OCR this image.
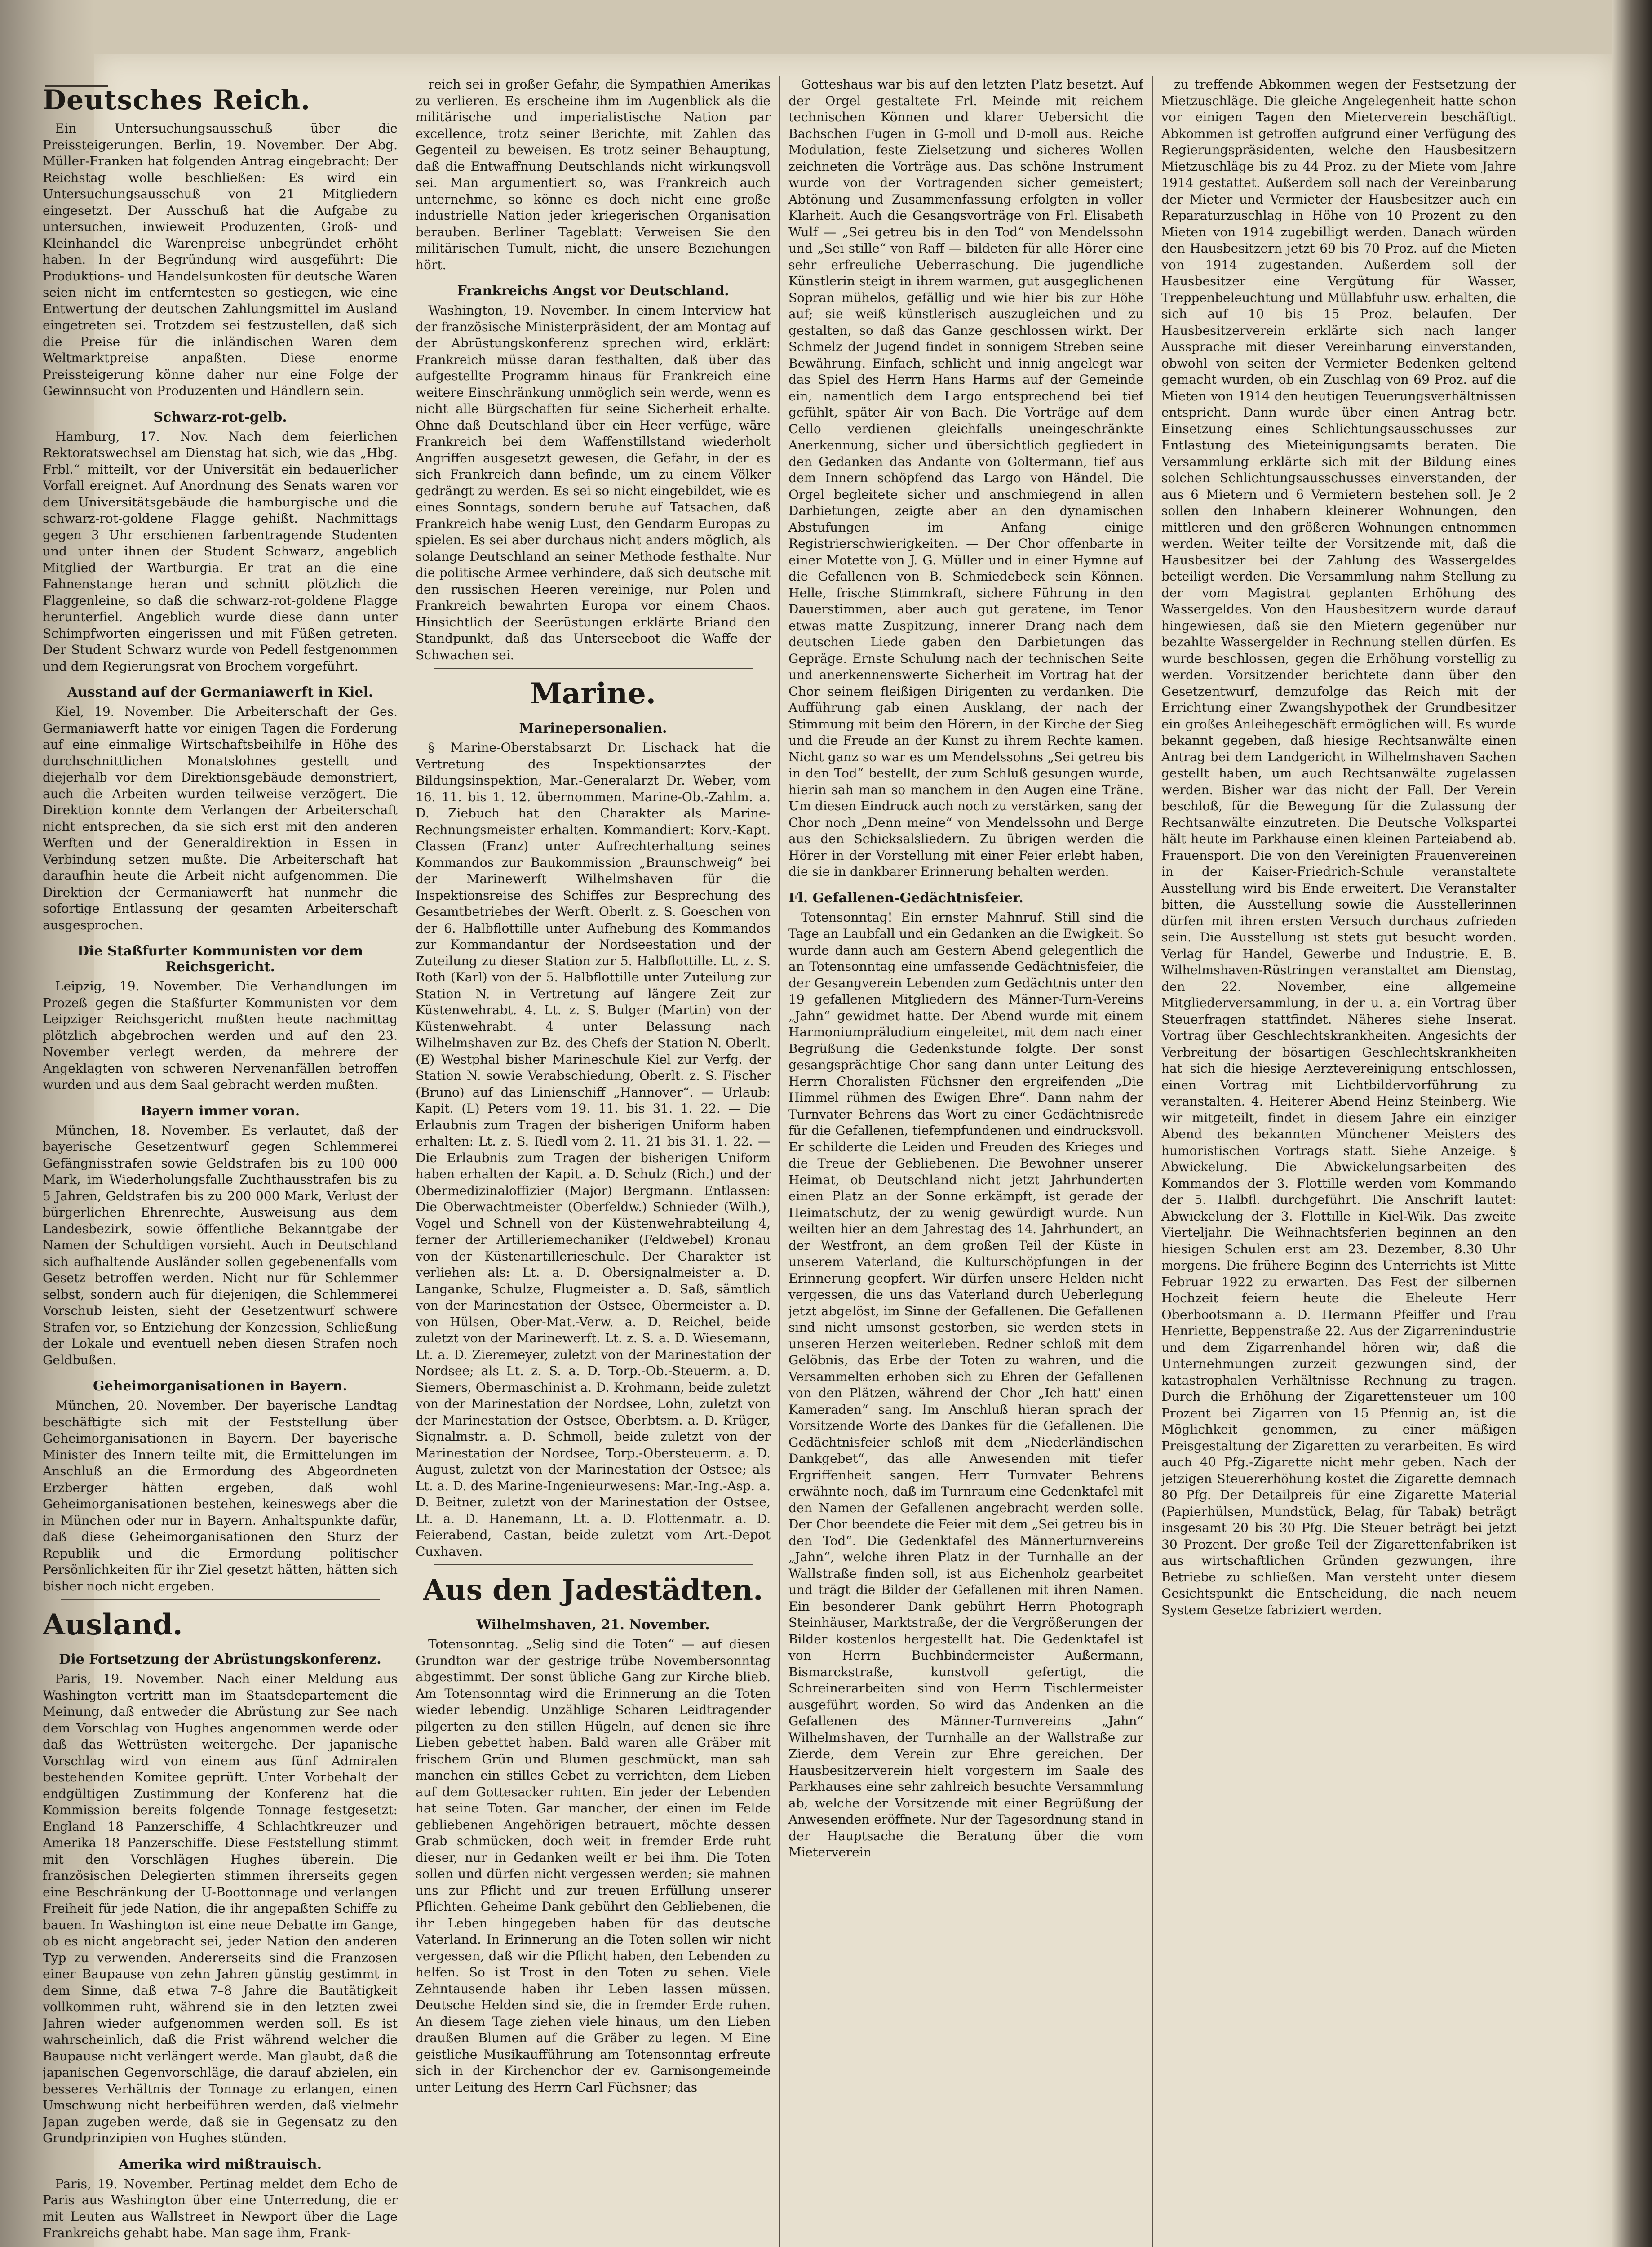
Deutsches Reich.

Ein Untersuchungsausschuß über die Preissteigerungen. Berlin, 19. November. Der Abg. Müller-Franken hat folgenden Antrag eingebracht: Der Reichstag wolle beschließen: Es wird ein Untersuchungsausschuß von 21 Mitgliedern eingesetzt. Der Ausschuß hat die Aufgabe zu untersuchen, inwieweit Produzenten, Groß- und Kleinhandel die Warenpreise unbegründet erhöht haben. In der Begründung wird ausgeführt: Die Produktions- und Handelsunkosten für deutsche Waren seien nicht im entferntesten so gestiegen, wie eine Entwertung der deutschen Zahlungsmittel im Ausland eingetreten sei. Trotzdem sei festzustellen, daß sich die Preise für die inländischen Waren dem Weltmarktpreise anpaßten. Diese enorme Preissteigerung könne daher nur eine Folge der Gewinnsucht von Produzenten und Händlern sein.

Schwarz-rot-gelb.

Hamburg, 17. Nov. Nach dem feierlichen Rektoratswechsel am Dienstag hat sich, wie das „Hbg. Frbl.“ mitteilt, vor der Universität ein bedauerlicher Vorfall ereignet. Auf Anordnung des Senats waren vor dem Universitätsgebäude die hamburgische und die schwarz-rot-goldene Flagge gehißt. Nachmittags gegen 3 Uhr erschienen farbentragende Studenten und unter ihnen der Student Schwarz, angeblich Mitglied der Wartburgia. Er trat an die eine Fahnenstange heran und schnitt plötzlich die Flaggenleine, so daß die schwarz-rot-goldene Flagge herunterfiel. Angeblich wurde diese dann unter Schimpfworten eingerissen und mit Füßen getreten. Der Student Schwarz wurde von Pedell festgenommen und dem Regierungsrat von Brochem vorgeführt.

Ausstand auf der Germaniawerft in Kiel.

Kiel, 19. November. Die Arbeiterschaft der Ges. Germaniawerft hatte vor einigen Tagen die Forderung auf eine einmalige Wirtschaftsbeihilfe in Höhe des durchschnittlichen Monatslohnes gestellt und diejerhalb vor dem Direktionsgebäude demonstriert, auch die Arbeiten wurden teilweise verzögert. Die Direktion konnte dem Verlangen der Arbeiterschaft nicht entsprechen, da sie sich erst mit den anderen Werften und der Generaldirektion in Essen in Verbindung setzen mußte. Die Arbeiterschaft hat daraufhin heute die Arbeit nicht aufgenommen. Die Direktion der Germaniawerft hat nunmehr die sofortige Entlassung der gesamten Arbeiterschaft ausgesprochen.

Die Staßfurter Kommunisten vor dem Reichsgericht.

Leipzig, 19. November. Die Verhandlungen im Prozeß gegen die Staßfurter Kommunisten vor dem Leipziger Reichsgericht mußten heute nachmittag plötzlich abgebrochen werden und auf den 23. November verlegt werden, da mehrere der Angeklagten von schweren Nervenanfällen betroffen wurden und aus dem Saal gebracht werden mußten.

Bayern immer voran.

München, 18. November. Es verlautet, daß der bayerische Gesetzentwurf gegen Schlemmerei Gefängnisstrafen sowie Geldstrafen bis zu 100 000 Mark, im Wiederholungsfalle Zuchthausstrafen bis zu 5 Jahren, Geldstrafen bis zu 200 000 Mark, Verlust der bürgerlichen Ehrenrechte, Ausweisung aus dem Landesbezirk, sowie öffentliche Bekanntgabe der Namen der Schuldigen vorsieht. Auch in Deutschland sich aufhaltende Ausländer sollen gegebenenfalls vom Gesetz betroffen werden. Nicht nur für Schlemmer selbst, sondern auch für diejenigen, die Schlemmerei Vorschub leisten, sieht der Gesetzentwurf schwere Strafen vor, so Entziehung der Konzession, Schließung der Lokale und eventuell neben diesen Strafen noch Geldbußen.

Geheimorganisationen in Bayern.

München, 20. November. Der bayerische Landtag beschäftigte sich mit der Feststellung über Geheimorganisationen in Bayern. Der bayerische Minister des Innern teilte mit, die Ermittelungen im Anschluß an die Ermordung des Abgeordneten Erzberger hätten ergeben, daß wohl Geheimorganisationen bestehen, keineswegs aber die in München oder nur in Bayern. Anhaltspunkte dafür, daß diese Geheimorganisationen den Sturz der Republik und die Ermordung politischer Persönlichkeiten für ihr Ziel gesetzt hätten, hätten sich bisher noch nicht ergeben.

Ausland.
Die Fortsetzung der Abrüstungskonferenz.

Paris, 19. November. Nach einer Meldung aus Washington vertritt man im Staatsdepartement die Meinung, daß entweder die Abrüstung zur See nach dem Vorschlag von Hughes angenommen werde oder daß das Wettrüsten weitergehe. Der japanische Vorschlag wird von einem aus fünf Admiralen bestehenden Komitee geprüft. Unter Vorbehalt der endgültigen Zustimmung der Konferenz hat die Kommission bereits folgende Tonnage festgesetzt: England 18 Panzerschiffe, 4 Schlachtkreuzer und Amerika 18 Panzerschiffe. Diese Feststellung stimmt mit den Vorschlägen Hughes überein. Die französischen Delegierten stimmen ihrerseits gegen eine Beschränkung der U-Boottonnage und verlangen Freiheit für jede Nation, die ihr angepaßten Schiffe zu bauen. In Washington ist eine neue Debatte im Gange, ob es nicht angebracht sei, jeder Nation den anderen Typ zu verwenden. Andererseits sind die Franzosen einer Baupause von zehn Jahren günstig gestimmt in dem Sinne, daß etwa 7–8 Jahre die Bautätigkeit vollkommen ruht, während sie in den letzten zwei Jahren wieder aufgenommen werden soll. Es ist wahrscheinlich, daß die Frist während welcher die Baupause nicht verlängert werde. Man glaubt, daß die japanischen Gegenvorschläge, die darauf abzielen, ein besseres Verhältnis der Tonnage zu erlangen, einen Umschwung nicht herbeiführen werden, daß vielmehr Japan zugeben werde, daß sie in Gegensatz zu den Grundprinzipien von Hughes stünden.

Amerika wird mißtrauisch.

Paris, 19. November. Pertinag meldet dem Echo de Paris aus Washington über eine Unterredung, die er mit Leuten aus Wallstreet in Newport über die Lage Frankreichs gehabt habe. Man sage ihm, Frank-

reich sei in großer Gefahr, die Sympathien Amerikas zu verlieren. Es erscheine ihm im Augenblick als die militärische und imperialistische Nation par excellence, trotz seiner Berichte, mit Zahlen das Gegenteil zu beweisen. Es trotz seiner Behauptung, daß die Entwaffnung Deutschlands nicht wirkungsvoll sei. Man argumentiert so, was Frankreich auch unternehme, so könne es doch nicht eine große industrielle Nation jeder kriegerischen Organisation berauben. Berliner Tageblatt: Verweisen Sie den militärischen Tumult, nicht, die unsere Beziehungen hört.

Frankreichs Angst vor Deutschland.

Washington, 19. November. In einem Interview hat der französische Ministerpräsident, der am Montag auf der Abrüstungskonferenz sprechen wird, erklärt: Frankreich müsse daran festhalten, daß über das aufgestellte Programm hinaus für Frankreich eine weitere Einschränkung unmöglich sein werde, wenn es nicht alle Bürgschaften für seine Sicherheit erhalte. Ohne daß Deutschland über ein Heer verfüge, wäre Frankreich bei dem Waffenstillstand wiederholt Angriffen ausgesetzt gewesen, die Gefahr, in der es sich Frankreich dann befinde, um zu einem Völker gedrängt zu werden. Es sei so nicht eingebildet, wie es eines Sonntags, sondern beruhe auf Tatsachen, daß Frankreich habe wenig Lust, den Gendarm Europas zu spielen. Es sei aber durchaus nicht anders möglich, als solange Deutschland an seiner Methode festhalte. Nur die politische Armee verhindere, daß sich deutsche mit den russischen Heeren vereinige, nur Polen und Frankreich bewahrten Europa vor einem Chaos. Hinsichtlich der Seerüstungen erklärte Briand den Standpunkt, daß das Unterseeboot die Waffe der Schwachen sei.

Marine.
Marinepersonalien.

§ Marine-Oberstabsarzt Dr. Lischack hat die Vertretung des Inspektionsarztes der Bildungsinspektion, Mar.-Generalarzt Dr. Weber, vom 16. 11. bis 1. 12. übernommen. Marine-Ob.-Zahlm. a. D. Ziebuch hat den Charakter als Marine-Rechnungsmeister erhalten. Kommandiert: Korv.-Kapt. Classen (Franz) unter Aufrechterhaltung seines Kommandos zur Baukommission „Braunschweig“ bei der Marinewerft Wilhelmshaven für die Inspektionsreise des Schiffes zur Besprechung des Gesamtbetriebes der Werft. Oberlt. z. S. Goeschen von der 6. Halbflottille unter Aufhebung des Kommandos zur Kommandantur der Nordseestation und der Zuteilung zu dieser Station zur 5. Halbflottille. Lt. z. S. Roth (Karl) von der 5. Halbflottille unter Zuteilung zur Station N. in Vertretung auf längere Zeit zur Küstenwehrabt. 4. Lt. z. S. Bulger (Martin) von der Küstenwehrabt. 4 unter Belassung nach Wilhelmshaven zur Bz. des Chefs der Station N. Oberlt. (E) Westphal bisher Marineschule Kiel zur Verfg. der Station N. sowie Verabschiedung, Oberlt. z. S. Fischer (Bruno) auf das Linienschiff „Hannover“. — Urlaub: Kapit. (L) Peters vom 19. 11. bis 31. 1. 22. — Die Erlaubnis zum Tragen der bisherigen Uniform haben erhalten: Lt. z. S. Riedl vom 2. 11. 21 bis 31. 1. 22. — Die Erlaubnis zum Tragen der bisherigen Uniform haben erhalten der Kapit. a. D. Schulz (Rich.) und der Obermedizinaloffizier (Major) Bergmann. Entlassen: Die Oberwachtmeister (Oberfeldw.) Schnieder (Wilh.), Vogel und Schnell von der Küstenwehrabteilung 4, ferner der Artilleriemechaniker (Feldwebel) Kronau von der Küstenartillerieschule. Der Charakter ist verliehen als: Lt. a. D. Obersignalmeister a. D. Langanke, Schulze, Flugmeister a. D. Saß, sämtlich von der Marinestation der Ostsee, Obermeister a. D. von Hülsen, Ober-Mat.-Verw. a. D. Reichel, beide zuletzt von der Marinewerft. Lt. z. S. a. D. Wiesemann, Lt. a. D. Zieremeyer, zuletzt von der Marinestation der Nordsee; als Lt. z. S. a. D. Torp.-Ob.-Steuerm. a. D. Siemers, Obermaschinist a. D. Krohmann, beide zuletzt von der Marinestation der Nordsee, Lohn, zuletzt von der Marinestation der Ostsee, Oberbtsm. a. D. Krüger, Signalmstr. a. D. Schmoll, beide zuletzt von der Marinestation der Nordsee, Torp.-Obersteuerm. a. D. August, zuletzt von der Marinestation der Ostsee; als Lt. a. D. des Marine-Ingenieurwesens: Mar.-Ing.-Asp. a. D. Beitner, zuletzt von der Marinestation der Ostsee, Lt. a. D. Hanemann, Lt. a. D. Flottenmatr. a. D. Feierabend, Castan, beide zuletzt vom Art.-Depot Cuxhaven.

Aus den Jadestädten.
Wilhelmshaven, 21. November.

Totensonntag. „Selig sind die Toten“ — auf diesen Grundton war der gestrige trübe Novembersonntag abgestimmt. Der sonst übliche Gang zur Kirche blieb. Am Totensonntag wird die Erinnerung an die Toten wieder lebendig. Unzählige Scharen Leidtragender pilgerten zu den stillen Hügeln, auf denen sie ihre Lieben gebettet haben. Bald waren alle Gräber mit frischem Grün und Blumen geschmückt, man sah manchen ein stilles Gebet zu verrichten, dem Lieben auf dem Gottesacker ruhten. Ein jeder der Lebenden hat seine Toten. Gar mancher, der einen im Felde gebliebenen Angehörigen betrauert, möchte dessen Grab schmücken, doch weit in fremder Erde ruht dieser, nur in Gedanken weilt er bei ihm. Die Toten sollen und dürfen nicht vergessen werden; sie mahnen uns zur Pflicht und zur treuen Erfüllung unserer Pflichten. Geheime Dank gebührt den Gebliebenen, die ihr Leben hingegeben haben für das deutsche Vaterland. In Erinnerung an die Toten sollen wir nicht vergessen, daß wir die Pflicht haben, den Lebenden zu helfen. So ist Trost in den Toten zu sehen. Viele Zehntausende haben ihr Leben lassen müssen. Deutsche Helden sind sie, die in fremder Erde ruhen. An diesem Tage ziehen viele hinaus, um den Lieben draußen Blumen auf die Gräber zu legen. M Eine geistliche Musikaufführung am Totensonntag erfreute sich in der Kirchenchor der ev. Garnisongemeinde unter Leitung des Herrn Carl Füchsner; das

Gotteshaus war bis auf den letzten Platz besetzt. Auf der Orgel gestaltete Frl. Meinde mit reichem technischen Können und klarer Uebersicht die Bachschen Fugen in G-moll und D-moll aus. Reiche Modulation, feste Zielsetzung und sicheres Wollen zeichneten die Vorträge aus. Das schöne Instrument wurde von der Vortragenden sicher gemeistert; Abtönung und Zusammenfassung erfolgten in voller Klarheit. Auch die Gesangsvorträge von Frl. Elisabeth Wulf — „Sei getreu bis in den Tod“ von Mendelssohn und „Sei stille“ von Raff — bildeten für alle Hörer eine sehr erfreuliche Ueberraschung. Die jugendliche Künstlerin steigt in ihrem warmen, gut ausgeglichenen Sopran mühelos, gefällig und wie hier bis zur Höhe auf; sie weiß künstlerisch auszugleichen und zu gestalten, so daß das Ganze geschlossen wirkt. Der Schmelz der Jugend findet in sonnigem Streben seine Bewährung. Einfach, schlicht und innig angelegt war das Spiel des Herrn Hans Harms auf der Gemeinde ein, namentlich dem Largo entsprechend bei tief gefühlt, später Air von Bach. Die Vorträge auf dem Cello verdienen gleichfalls uneingeschränkte Anerkennung, sicher und übersichtlich gegliedert in den Gedanken das Andante von Goltermann, tief aus dem Innern schöpfend das Largo von Händel. Die Orgel begleitete sicher und anschmiegend in allen Darbietungen, zeigte aber an den dynamischen Abstufungen im Anfang einige Registrierschwierigkeiten. — Der Chor offenbarte in einer Motette von J. G. Müller und in einer Hymne auf die Gefallenen von B. Schmiedebeck sein Können. Helle, frische Stimmkraft, sichere Führung in den Dauerstimmen, aber auch gut geratene, im Tenor etwas matte Zuspitzung, innerer Drang nach dem deutschen Liede gaben den Darbietungen das Gepräge. Ernste Schulung nach der technischen Seite und anerkennenswerte Sicherheit im Vortrag hat der Chor seinem fleißigen Dirigenten zu verdanken. Die Aufführung gab einen Ausklang, der nach der Stimmung mit beim den Hörern, in der Kirche der Sieg und die Freude an der Kunst zu ihrem Rechte kamen. Nicht ganz so war es um Mendelssohns „Sei getreu bis in den Tod“ bestellt, der zum Schluß gesungen wurde, hierin sah man so manchem in den Augen eine Träne. Um diesen Eindruck auch noch zu verstärken, sang der Chor noch „Denn meine“ von Mendelssohn und Berge aus den Schicksalsliedern. Zu übrigen werden die Hörer in der Vorstellung mit einer Feier erlebt haben, die sie in dankbarer Erinnerung behalten werden.

Fl. Gefallenen-Gedächtnisfeier.

Totensonntag! Ein ernster Mahnruf. Still sind die Tage an Laubfall und ein Gedanken an die Ewigkeit. So wurde dann auch am Gestern Abend gelegentlich die an Totensonntag eine umfassende Gedächtnisfeier, die der Gesangverein Lebenden zum Gedächtnis unter den 19 gefallenen Mitgliedern des Männer-Turn-Vereins „Jahn“ gewidmet hatte. Der Abend wurde mit einem Harmoniumpräludium eingeleitet, mit dem nach einer Begrüßung die Gedenkstunde folgte. Der sonst gesangsprächtige Chor sang dann unter Leitung des Herrn Choralisten Füchsner den ergreifenden „Die Himmel rühmen des Ewigen Ehre“. Dann nahm der Turnvater Behrens das Wort zu einer Gedächtnisrede für die Gefallenen, tiefempfundenen und eindrucksvoll. Er schilderte die Leiden und Freuden des Krieges und die Treue der Gebliebenen. Die Bewohner unserer Heimat, ob Deutschland nicht jetzt Jahrhunderten einen Platz an der Sonne erkämpft, ist gerade der Heimatschutz, der zu wenig gewürdigt wurde. Nun weilten hier an dem Jahrestag des 14. Jahrhundert, an der Westfront, an dem großen Teil der Küste in unserem Vaterland, die Kulturschöpfungen in der Erinnerung geopfert. Wir dürfen unsere Helden nicht vergessen, die uns das Vaterland durch Ueberlegung jetzt abgelöst, im Sinne der Gefallenen. Die Gefallenen sind nicht umsonst gestorben, sie werden stets in unseren Herzen weiterleben. Redner schloß mit dem Gelöbnis, das Erbe der Toten zu wahren, und die Versammelten erhoben sich zu Ehren der Gefallenen von den Plätzen, während der Chor „Ich hatt' einen Kameraden“ sang. Im Anschluß hieran sprach der Vorsitzende Worte des Dankes für die Gefallenen. Die Gedächtnisfeier schloß mit dem „Niederländischen Dankgebet“, das alle Anwesenden mit tiefer Ergriffenheit sangen. Herr Turnvater Behrens erwähnte noch, daß im Turnraum eine Gedenktafel mit den Namen der Gefallenen angebracht werden solle. Der Chor beendete die Feier mit dem „Sei getreu bis in den Tod“. Die Gedenktafel des Männerturnvereins „Jahn“, welche ihren Platz in der Turnhalle an der Wallstraße finden soll, ist aus Eichenholz gearbeitet und trägt die Bilder der Gefallenen mit ihren Namen. Ein besonderer Dank gebührt Herrn Photograph Steinhäuser, Marktstraße, der die Vergrößerungen der Bilder kostenlos hergestellt hat. Die Gedenktafel ist von Herrn Buchbindermeister Außermann, Bismarckstraße, kunstvoll gefertigt, die Schreinerarbeiten sind von Herrn Tischlermeister ausgeführt worden. So wird das Andenken an die Gefallenen des Männer-Turnvereins „Jahn“ Wilhelmshaven, der Turnhalle an der Wallstraße zur Zierde, dem Verein zur Ehre gereichen. Der Hausbesitzerverein hielt vorgestern im Saale des Parkhauses eine sehr zahlreich besuchte Versammlung ab, welche der Vorsitzende mit einer Begrüßung der Anwesenden eröffnete. Nur der Tagesordnung stand in der Hauptsache die Beratung über die vom Mieterverein

zu treffende Abkommen wegen der Festsetzung der Mietzuschläge. Die gleiche Angelegenheit hatte schon vor einigen Tagen den Mieterverein beschäftigt. Abkommen ist getroffen aufgrund einer Verfügung des Regierungspräsidenten, welche den Hausbesitzern Mietzuschläge bis zu 44 Proz. zu der Miete vom Jahre 1914 gestattet. Außerdem soll nach der Vereinbarung der Mieter und Vermieter der Hausbesitzer auch ein Reparaturzuschlag in Höhe von 10 Prozent zu den Mieten von 1914 zugebilligt werden. Danach würden den Hausbesitzern jetzt 69 bis 70 Proz. auf die Mieten von 1914 zugestanden. Außerdem soll der Hausbesitzer eine Vergütung für Wasser, Treppenbeleuchtung und Müllabfuhr usw. erhalten, die sich auf 10 bis 15 Proz. belaufen. Der Hausbesitzerverein erklärte sich nach langer Aussprache mit dieser Vereinbarung einverstanden, obwohl von seiten der Vermieter Bedenken geltend gemacht wurden, ob ein Zuschlag von 69 Proz. auf die Mieten von 1914 den heutigen Teuerungsverhältnissen entspricht. Dann wurde über einen Antrag betr. Einsetzung eines Schlichtungsausschusses zur Entlastung des Mieteinigungsamts beraten. Die Versammlung erklärte sich mit der Bildung eines solchen Schlichtungsausschusses einverstanden, der aus 6 Mietern und 6 Vermietern bestehen soll. Je 2 sollen den Inhabern kleinerer Wohnungen, den mittleren und den größeren Wohnungen entnommen werden. Weiter teilte der Vorsitzende mit, daß die Hausbesitzer bei der Zahlung des Wassergeldes beteiligt werden. Die Versammlung nahm Stellung zu der vom Magistrat geplanten Erhöhung des Wassergeldes. Von den Hausbesitzern wurde darauf hingewiesen, daß sie den Mietern gegenüber nur bezahlte Wassergelder in Rechnung stellen dürfen. Es wurde beschlossen, gegen die Erhöhung vorstellig zu werden. Vorsitzender berichtete dann über den Gesetzentwurf, demzufolge das Reich mit der Errichtung einer Zwangshypothek der Grundbesitzer ein großes Anleihegeschäft ermöglichen will. Es wurde bekannt gegeben, daß hiesige Rechtsanwälte einen Antrag bei dem Landgericht in Wilhelmshaven Sachen gestellt haben, um auch Rechtsanwälte zugelassen werden. Bisher war das nicht der Fall. Der Verein beschloß, für die Bewegung für die Zulassung der Rechtsanwälte einzutreten. Die Deutsche Volkspartei hält heute im Parkhause einen kleinen Parteiabend ab. Frauensport. Die von den Vereinigten Frauenvereinen in der Kaiser-Friedrich-Schule veranstaltete Ausstellung wird bis Ende erweitert. Die Veranstalter bitten, die Ausstellung sowie die Ausstellerinnen dürfen mit ihren ersten Versuch durchaus zufrieden sein. Die Ausstellung ist stets gut besucht worden. Verlag für Handel, Gewerbe und Industrie. E. B. Wilhelmshaven-Rüstringen veranstaltet am Dienstag, den 22. November, eine allgemeine Mitgliederversammlung, in der u. a. ein Vortrag über Steuerfragen stattfindet. Näheres siehe Inserat. Vortrag über Geschlechtskrankheiten. Angesichts der Verbreitung der bösartigen Geschlechtskrankheiten hat sich die hiesige Aerztevereinigung entschlossen, einen Vortrag mit Lichtbildervorführung zu veranstalten. 4. Heiterer Abend Heinz Steinberg. Wie wir mitgeteilt, findet in diesem Jahre ein einziger Abend des bekannten Münchener Meisters des humoristischen Vortrags statt. Siehe Anzeige. § Abwickelung. Die Abwickelungsarbeiten des Kommandos der 3. Flottille werden vom Kommando der 5. Halbfl. durchgeführt. Die Anschrift lautet: Abwickelung der 3. Flottille in Kiel-Wik. Das zweite Vierteljahr. Die Weihnachtsferien beginnen an den hiesigen Schulen erst am 23. Dezember, 8.30 Uhr morgens. Die frühere Beginn des Unterrichts ist Mitte Februar 1922 zu erwarten. Das Fest der silbernen Hochzeit feiern heute die Eheleute Herr Oberbootsmann a. D. Hermann Pfeiffer und Frau Henriette, Beppenstraße 22. Aus der Zigarrenindustrie und dem Zigarrenhandel hören wir, daß die Unternehmungen zurzeit gezwungen sind, der katastrophalen Verhältnisse Rechnung zu tragen. Durch die Erhöhung der Zigarettensteuer um 100 Prozent bei Zigarren von 15 Pfennig an, ist die Möglichkeit genommen, zu einer mäßigen Preisgestaltung der Zigaretten zu verarbeiten. Es wird auch 40 Pfg.-Zigarette nicht mehr geben. Nach der jetzigen Steuererhöhung kostet die Zigarette demnach 80 Pfg. Der Detailpreis für eine Zigarette Material (Papierhülsen, Mundstück, Belag, für Tabak) beträgt insgesamt 20 bis 30 Pfg. Die Steuer beträgt bei jetzt 30 Prozent. Der große Teil der Zigarettenfabriken ist aus wirtschaftlichen Gründen gezwungen, ihre Betriebe zu schließen. Man versteht unter diesem Gesichtspunkt die Entscheidung, die nach neuem System Gesetze fabriziert werden.
